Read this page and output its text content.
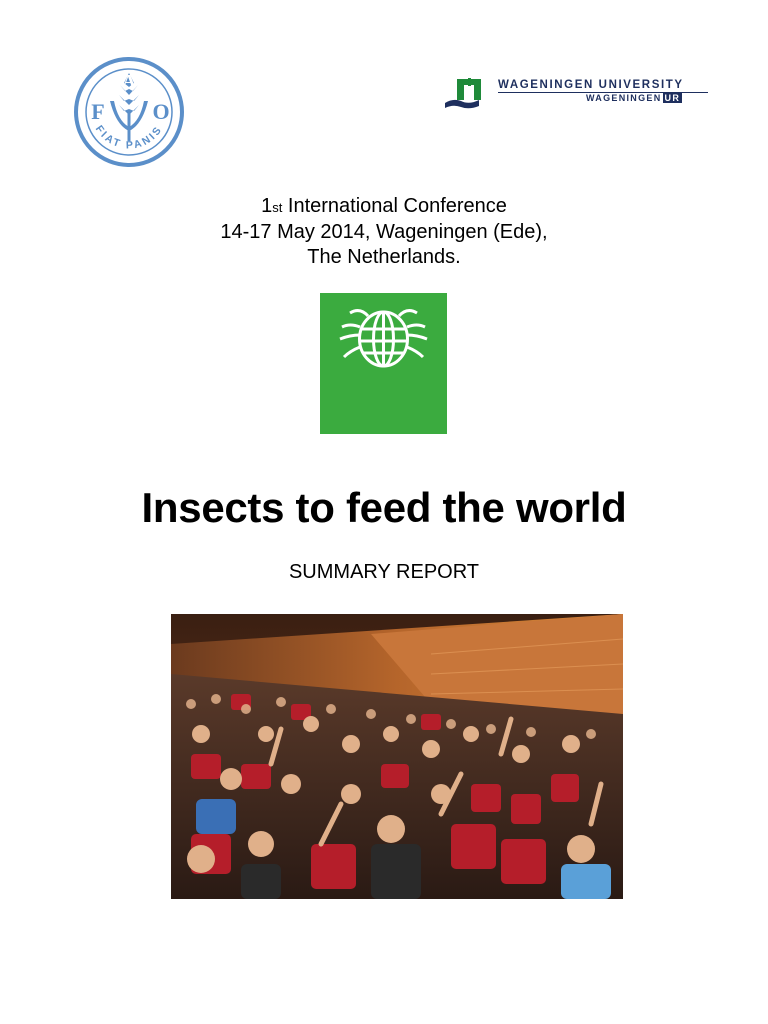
F
A
O
FIAT PANIS
WAGENINGEN UNIVERSITY
WAGENINGEN UR
1st International Conference
14-17 May 2014, Wageningen (Ede),
The Netherlands.
Insects to feed the world
SUMMARY REPORT
